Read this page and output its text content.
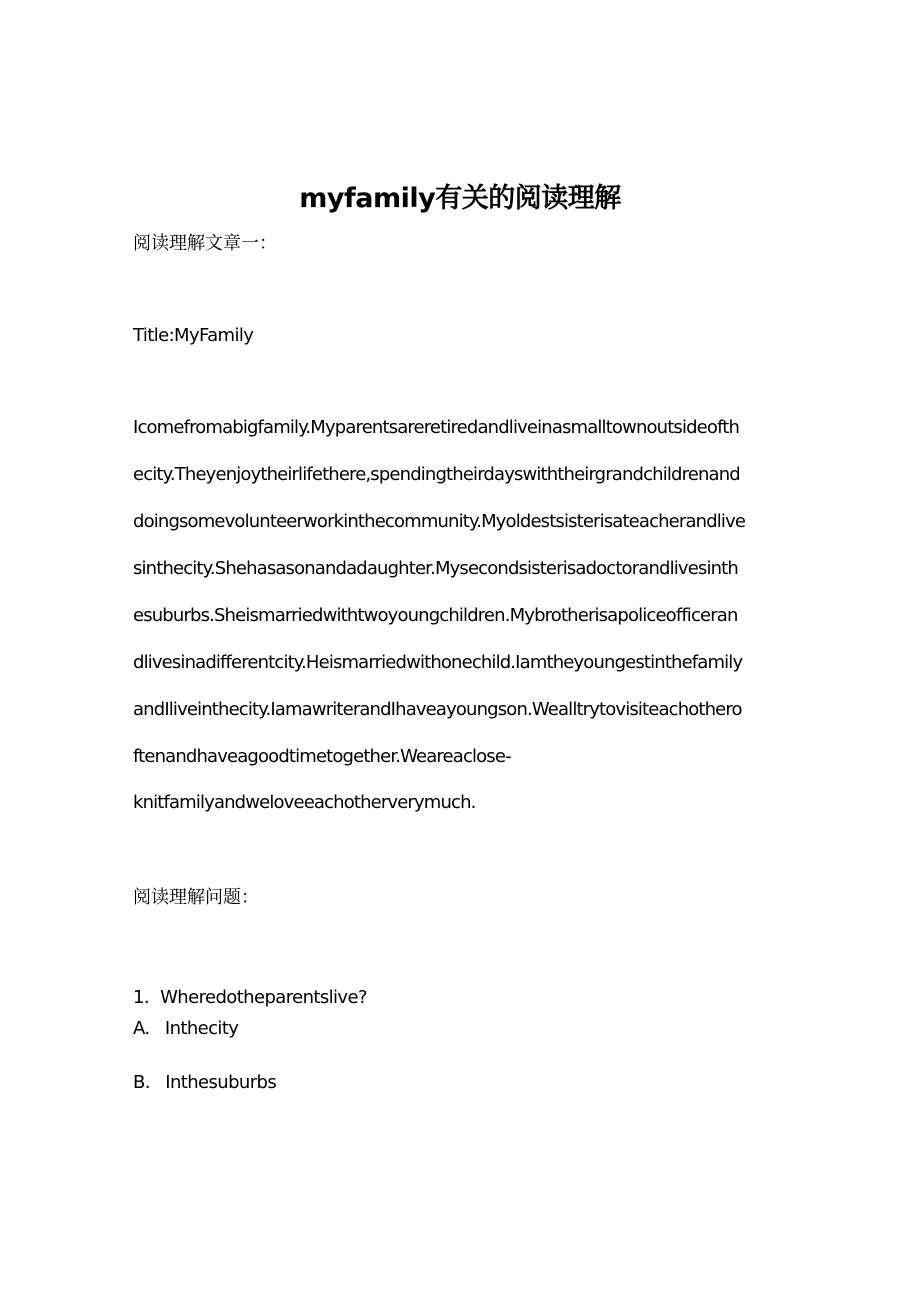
myfamily有关的阅读理解

阅读理解文章一：

Title:MyFamily

Icomefromabigfamily.Myparentsareretiredandliveinasmalltownoutsideofth

ecity.Theyenjoytheirlifethere,spendingtheirdayswiththeirgrandchildrenand

doingsomevolunteerworkinthecommunity.Myoldestsisterisateacherandlive

sinthecity.Shehasasonandadaughter.Mysecondsisterisadoctorandlivesinth

esuburbs.Sheismarriedwithtwoyoungchildren.Mybrotherisapoliceofficeran

dlivesinadifferentcity.Heismarriedwithonechild.Iamtheyoungestinthefamily

andIliveinthecity.IamawriterandIhaveayoungson.Wealltrytovisiteachothero

ftenandhaveagoodtimetogether.Weareaclose-

knitfamilyandweloveeachotherverymuch.

阅读理解问题：

1. Wheredotheparentslive?

A.   Inthecity

B.   Inthesuburbs
